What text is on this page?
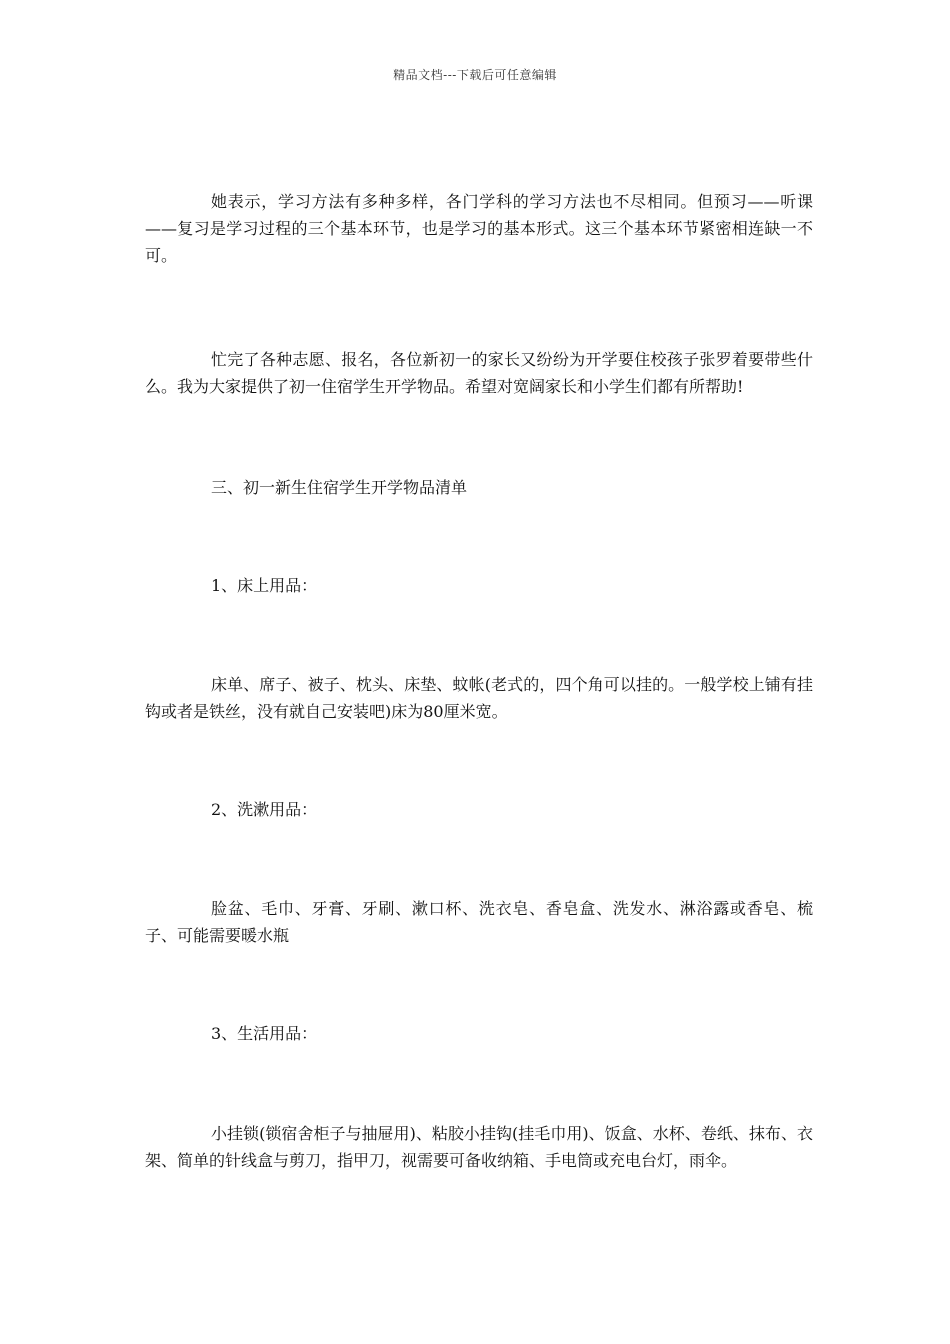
精品文档---下载后可任意编辑

她表示，学习方法有多种多样，各门学科的学习方法也不尽相同。但预习——听课——复习是学习过程的三个基本环节，也是学习的基本形式。这三个基本环节紧密相连缺一不可。

忙完了各种志愿、报名，各位新初一的家长又纷纷为开学要住校孩子张罗着要带些什么。我为大家提供了初一住宿学生开学物品。希望对宽阔家长和小学生们都有所帮助!

三、初一新生住宿学生开学物品清单
1、床上用品：

床单、席子、被子、枕头、床垫、蚊帐(老式的，四个角可以挂的。一般学校上铺有挂钩或者是铁丝，没有就自己安装吧)床为80厘米宽。

2、洗漱用品：

脸盆、毛巾、牙膏、牙刷、漱口杯、洗衣皂、香皂盒、洗发水、淋浴露或香皂、梳子、可能需要暖水瓶

3、生活用品：

小挂锁(锁宿舍柜子与抽屉用)、粘胶小挂钩(挂毛巾用)、饭盒、水杯、卷纸、抹布、衣架、简单的针线盒与剪刀，指甲刀，视需要可备收纳箱、手电筒或充电台灯，雨伞。
